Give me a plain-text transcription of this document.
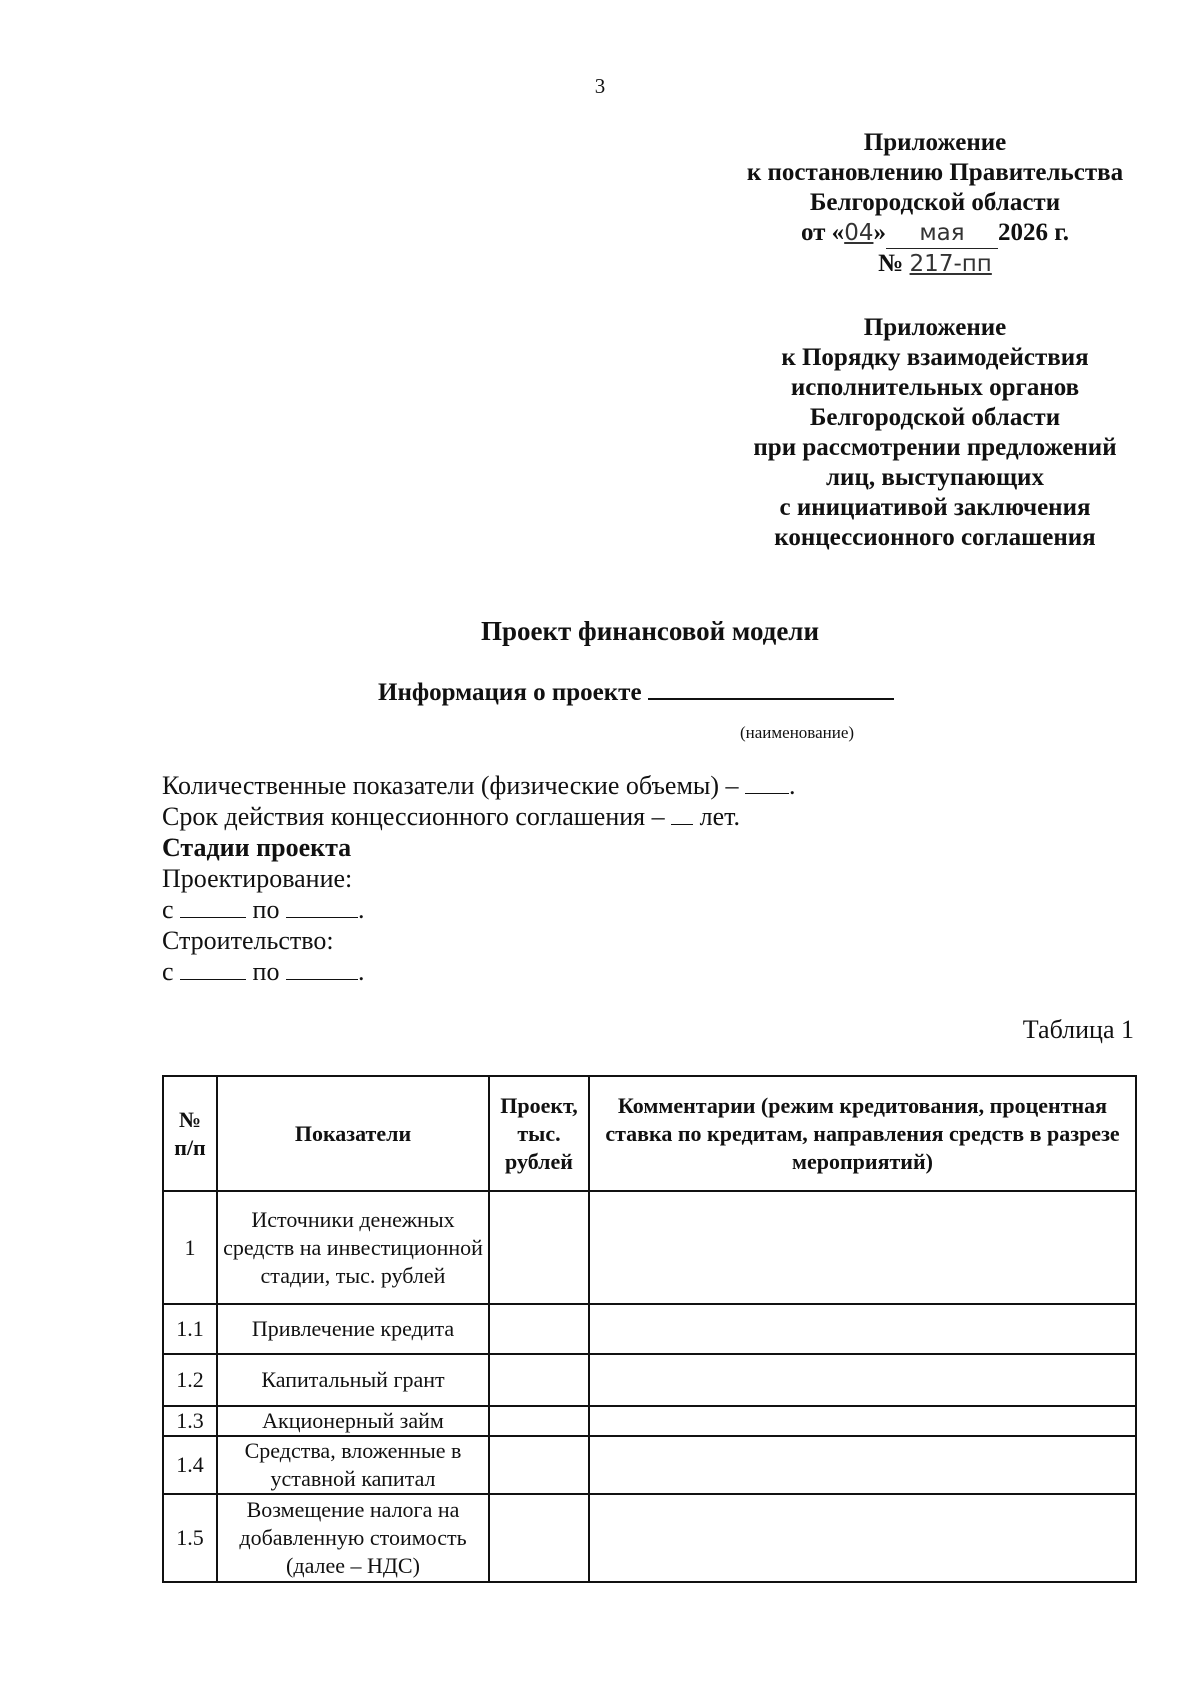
3
Приложение
к постановлению Правительства
Белгородской области
от «04» мая 2026 г.
№ 217-пп
Приложение
к Порядку взаимодействия
исполнительных органов
Белгородской области
при рассмотрении предложений
лиц, выступающих
с инициативой заключения
концессионного соглашения
Проект финансовой модели
Информация о проекте
(наименование)
Количественные показатели (физические объемы) – .
Срок действия концессионного соглашения –  лет.
Стадии проекта
Проектирование:
с	по	.
Строительство:
с	по	.
Таблица 1
№ п/п	Показатели	Проект, тыс. рублей	Комментарии (режим кредитования, процентная ставка по кредитам, направления средств в разрезе мероприятий)
1	Источники денежных средств на инвестиционной стадии, тыс. рублей		
1.1	Привлечение кредита		
1.2	Капитальный грант		
1.3	Акционерный займ		
1.4	Средства, вложенные в уставной капитал		
1.5	Возмещение налога на добавленную стоимость (далее – НДС)		
